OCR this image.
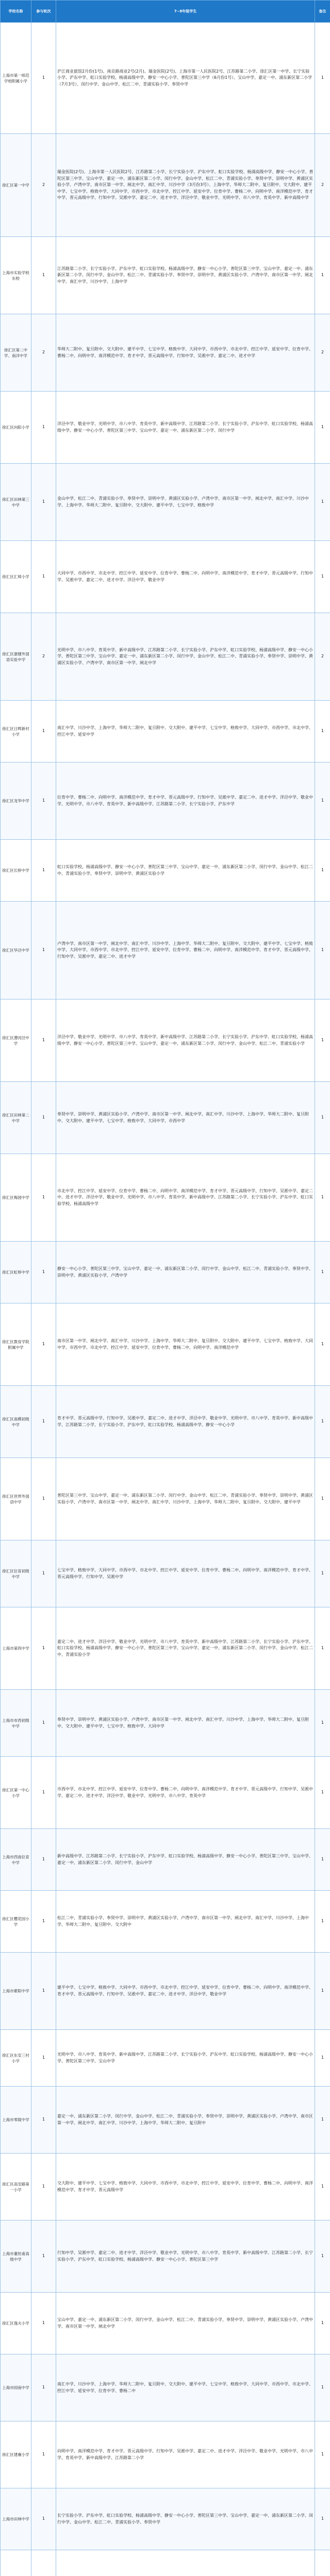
学校名称	参与轮次	7~8年级学生	备注
上海市第一师范学校附属小学	1	沪江商业旅馆2月份(1号)、南京路商业2号(2月)、瑞金医院(2号)、上海市第一人民医院2号、江苏路第二小学、徐汇区第一中学、长宁实验小学、沪东中学、虹口实验学校、杨浦高级中学、静安一中心小学、普陀区第三中学（6月份1号）、宝山中学、嘉定一中、浦东新区第二小学（7月3号）、闵行中学、金山中学、松江二中、青浦实验小学、奉贤中学	1
徐汇区第一中学	2	瑞金医院(2号)、上海市第一人民医院2号、江苏路第二小学、长宁实验小学、沪东中学、虹口实验学校、杨浦高级中学、静安一中心小学、普陀区第三中学、宝山中学、嘉定一中、浦东新区第二小学、闵行中学、金山中学、松江二中、青浦实验小学、奉贤中学、崇明中学、黄浦区实验小学、卢湾中学、南市区第一中学、闸北中学、南汇中学、川沙中学（3月份3号）、上海中学、华师大二附中、复旦附中、交大附中、建平中学、七宝中学、格致中学、大同中学、市西中学、市北中学、控江中学、延安中学、位育中学、曹杨二中、向明中学、南洋模范中学、育才中学、晋元高级中学、行知中学、吴淞中学、嘉定二中、进才中学、洋泾中学、敬业中学、光明中学、市八中学、育英中学、新中高级中学	2
上海市实验学校东校	1	江苏路第二小学、长宁实验小学、沪东中学、虹口实验学校、杨浦高级中学、静安一中心小学、普陀区第三中学、宝山中学、嘉定一中、浦东新区第二小学、闵行中学、金山中学、松江二中、青浦实验小学、奉贤中学、崇明中学、黄浦区实验小学、卢湾中学、南市区第一中学、闸北中学、南汇中学、川沙中学、上海中学	1
徐汇区第二中学、南洋中学	2	华师大二附中、复旦附中、交大附中、建平中学、七宝中学、格致中学、大同中学、市西中学、市北中学、控江中学、延安中学、位育中学、曹杨二中、向明中学、南洋模范中学、育才中学、晋元高级中学、行知中学、吴淞中学、嘉定二中、进才中学	2
徐汇区向阳小学	1	洋泾中学、敬业中学、光明中学、市八中学、育英中学、新中高级中学、江苏路第二小学、长宁实验小学、沪东中学、虹口实验学校、杨浦高级中学、静安一中心小学、普陀区第三中学、宝山中学、嘉定一中、浦东新区第二小学、闵行中学	1
徐汇区田林第三中学	1	金山中学、松江二中、青浦实验小学、奉贤中学、崇明中学、黄浦区实验小学、卢湾中学、南市区第一中学、闸北中学、南汇中学、川沙中学、上海中学、华师大二附中、复旦附中、交大附中、建平中学、七宝中学、格致中学	1
徐汇区汇师小学	1	大同中学、市西中学、市北中学、控江中学、延安中学、位育中学、曹杨二中、向明中学、南洋模范中学、育才中学、晋元高级中学、行知中学、吴淞中学、嘉定二中、进才中学、洋泾中学、敬业中学	1
徐汇区康健外国语实验中学	2	光明中学、市八中学、育英中学、新中高级中学、江苏路第二小学、长宁实验小学、沪东中学、虹口实验学校、杨浦高级中学、静安一中心小学、普陀区第三中学、宝山中学、嘉定一中、浦东新区第二小学、闵行中学、金山中学、松江二中、青浦实验小学、奉贤中学、崇明中学、黄浦区实验小学、卢湾中学、南市区第一中学、闸北中学	2
徐汇区日晖新村小学	1	南汇中学、川沙中学、上海中学、华师大二附中、复旦附中、交大附中、建平中学、七宝中学、格致中学、大同中学、市西中学、市北中学、控江中学、延安中学	1
徐汇区龙华中学	1	位育中学、曹杨二中、向明中学、南洋模范中学、育才中学、晋元高级中学、行知中学、吴淞中学、嘉定二中、进才中学、洋泾中学、敬业中学、光明中学、市八中学、育英中学、新中高级中学、江苏路第二小学、长宁实验小学、沪东中学	1
徐汇区长桥中学	1	虹口实验学校、杨浦高级中学、静安一中心小学、普陀区第三中学、宝山中学、嘉定一中、浦东新区第二小学、闵行中学、金山中学、松江二中、青浦实验小学、奉贤中学、崇明中学、黄浦区实验小学	1
徐汇区华泾中学	1	卢湾中学、南市区第一中学、闸北中学、南汇中学、川沙中学、上海中学、华师大二附中、复旦附中、交大附中、建平中学、七宝中学、格致中学、大同中学、市西中学、市北中学、控江中学、延安中学、位育中学、曹杨二中、向明中学、南洋模范中学、育才中学、晋元高级中学、行知中学、吴淞中学、嘉定二中、进才中学	1
徐汇区漕河泾中学	1	洋泾中学、敬业中学、光明中学、市八中学、育英中学、新中高级中学、江苏路第二小学、长宁实验小学、沪东中学、虹口实验学校、杨浦高级中学、静安一中心小学、普陀区第三中学、宝山中学、嘉定一中、浦东新区第二小学、闵行中学、金山中学、松江二中、青浦实验小学	1
徐汇区田林第二中学	1	奉贤中学、崇明中学、黄浦区实验小学、卢湾中学、南市区第一中学、闸北中学、南汇中学、川沙中学、上海中学、华师大二附中、复旦附中、交大附中、建平中学、七宝中学、格致中学、大同中学、市西中学	1
徐汇区梅园中学	1	市北中学、控江中学、延安中学、位育中学、曹杨二中、向明中学、南洋模范中学、育才中学、晋元高级中学、行知中学、吴淞中学、嘉定二中、进才中学、洋泾中学、敬业中学、光明中学、市八中学、育英中学、新中高级中学、江苏路第二小学、长宁实验小学、沪东中学、虹口实验学校、杨浦高级中学	1
徐汇区虹桥中学	1	静安一中心小学、普陀区第三中学、宝山中学、嘉定一中、浦东新区第二小学、闵行中学、金山中学、松江二中、青浦实验小学、奉贤中学、崇明中学、黄浦区实验小学、卢湾中学	1
徐汇区教育学院附属中学	1	南市区第一中学、闸北中学、南汇中学、川沙中学、上海中学、华师大二附中、复旦附中、交大附中、建平中学、七宝中学、格致中学、大同中学、市西中学、市北中学、控江中学、延安中学、位育中学、曹杨二中、向明中学、南洋模范中学	1
徐汇区南模初级中学	1	育才中学、晋元高级中学、行知中学、吴淞中学、嘉定二中、进才中学、洋泾中学、敬业中学、光明中学、市八中学、育英中学、新中高级中学、江苏路第二小学、长宁实验小学、沪东中学、虹口实验学校、杨浦高级中学、静安一中心小学	1
徐汇区世界外国语中学	1	普陀区第三中学、宝山中学、嘉定一中、浦东新区第二小学、闵行中学、金山中学、松江二中、青浦实验小学、奉贤中学、崇明中学、黄浦区实验小学、卢湾中学、南市区第一中学、闸北中学、南汇中学、川沙中学、上海中学、华师大二附中、复旦附中、交大附中、建平中学	1
徐汇区位育初级中学	1	七宝中学、格致中学、大同中学、市西中学、市北中学、控江中学、延安中学、位育中学、曹杨二中、向明中学、南洋模范中学、育才中学、晋元高级中学、行知中学、吴淞中学	1
上海市第四中学	1	嘉定二中、进才中学、洋泾中学、敬业中学、光明中学、市八中学、育英中学、新中高级中学、江苏路第二小学、长宁实验小学、沪东中学、虹口实验学校、杨浦高级中学、静安一中心小学、普陀区第三中学、宝山中学、嘉定一中、浦东新区第二小学、闵行中学、金山中学、松江二中、青浦实验小学	1
上海市市西初级中学	1	奉贤中学、崇明中学、黄浦区实验小学、卢湾中学、南市区第一中学、闸北中学、南汇中学、川沙中学、上海中学、华师大二附中、复旦附中、交大附中、建平中学、七宝中学、格致中学、大同中学	1
徐汇区第一中心小学	1	市西中学、市北中学、控江中学、延安中学、位育中学、曹杨二中、向明中学、南洋模范中学、育才中学、晋元高级中学、行知中学、吴淞中学、嘉定二中、进才中学、洋泾中学、敬业中学、光明中学、市八中学、育英中学	1
上海市西南位育中学	1	新中高级中学、江苏路第二小学、长宁实验小学、沪东中学、虹口实验学校、杨浦高级中学、静安一中心小学、普陀区第三中学、宝山中学、嘉定一中、浦东新区第二小学、闵行中学、金山中学	1
徐汇区樱花园小学	1	松江二中、青浦实验小学、奉贤中学、崇明中学、黄浦区实验小学、卢湾中学、南市区第一中学、闸北中学、南汇中学、川沙中学、上海中学、华师大二附中、复旦附中、交大附中	1
上海市紫阳中学	1	建平中学、七宝中学、格致中学、大同中学、市西中学、市北中学、控江中学、延安中学、位育中学、曹杨二中、向明中学、南洋模范中学、育才中学、晋元高级中学、行知中学、吴淞中学、嘉定二中、进才中学、洋泾中学、敬业中学	1
徐汇区东安三村小学	1	光明中学、市八中学、育英中学、新中高级中学、江苏路第二小学、长宁实验小学、沪东中学、虹口实验学校、杨浦高级中学、静安一中心小学、普陀区第三中学、宝山中学	1
上海市零陵中学	1	嘉定一中、浦东新区第二小学、闵行中学、金山中学、松江二中、青浦实验小学、奉贤中学、崇明中学、黄浦区实验小学、卢湾中学、南市区第一中学、闸北中学、南汇中学、川沙中学、上海中学、华师大二附中、复旦附中	1
徐汇区高安路第一小学	1	交大附中、建平中学、七宝中学、格致中学、大同中学、市西中学、市北中学、控江中学、延安中学、位育中学、曹杨二中、向明中学、南洋模范中学、育才中学、晋元高级中学	1
上海市董恒甫高级中学	1	行知中学、吴淞中学、嘉定二中、进才中学、洋泾中学、敬业中学、光明中学、市八中学、育英中学、新中高级中学、江苏路第二小学、长宁实验小学、沪东中学、虹口实验学校、杨浦高级中学、静安一中心小学、普陀区第三中学	1
徐汇区逸夫小学	1	宝山中学、嘉定一中、浦东新区第二小学、闵行中学、金山中学、松江二中、青浦实验小学、奉贤中学、崇明中学、黄浦区实验小学、卢湾中学、南市区第一中学、闸北中学	1
上海市园南中学	1	南汇中学、川沙中学、上海中学、华师大二附中、复旦附中、交大附中、建平中学、七宝中学、格致中学、大同中学、市西中学、市北中学、控江中学、延安中学、位育中学、曹杨二中	1
徐汇区建襄小学	1	向明中学、南洋模范中学、育才中学、晋元高级中学、行知中学、吴淞中学、嘉定二中、进才中学、洋泾中学、敬业中学、光明中学、市八中学、育英中学、新中高级中学、江苏路第二小学	1
上海市田林中学	1	长宁实验小学、沪东中学、虹口实验学校、杨浦高级中学、静安一中心小学、普陀区第三中学、宝山中学、嘉定一中、浦东新区第二小学、闵行中学、金山中学、松江二中、青浦实验小学、奉贤中学	1
